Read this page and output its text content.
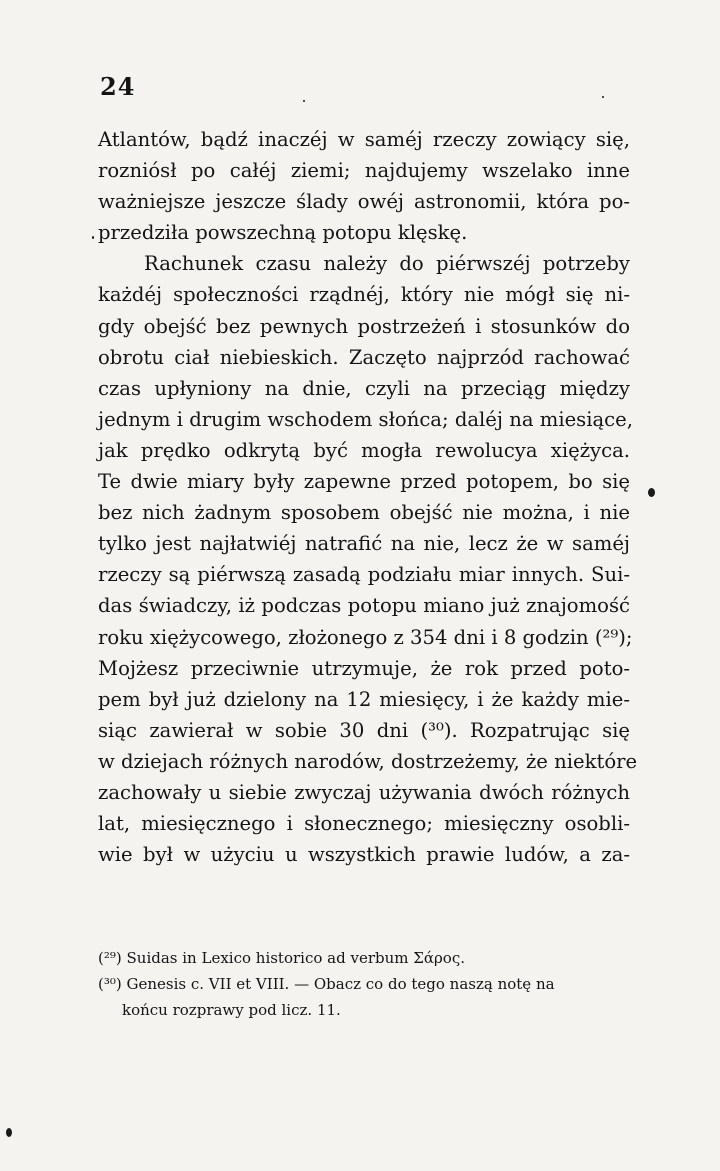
24
Atlantów, bądź inaczéj w saméj rzeczy zowiący się,
rozniósł po całéj ziemi; najdujemy wszelako inne
ważniejsze jeszcze ślady owéj astronomii, która po-
przedziła powszechną potopu klęskę.
Rachunek czasu należy do piérwszéj potrzeby
każdéj społeczności rządnéj, który nie mógł się ni-
gdy obejść bez pewnych postrzeżeń i stosunków do
obrotu ciał niebieskich. Zaczęto najprzód rachować
czas upłyniony na dnie, czyli na przeciąg między
jednym i drugim wschodem słońca; daléj na miesiące,
jak prędko odkrytą być mogła rewolucya xiężyca.
Te dwie miary były zapewne przed potopem, bo się
bez nich żadnym sposobem obejść nie można, i nie
tylko jest najłatwiéj natrafić na nie, lecz że w saméj
rzeczy są piérwszą zasadą podziału miar innych. Sui-
das świadczy, iż podczas potopu miano już znajomość
roku xiężycowego, złożonego z 354 dni i 8 godzin (²⁹);
Mojżesz przeciwnie utrzymuje, że rok przed poto-
pem był już dzielony na 12 miesięcy, i że każdy mie-
siąc zawierał w sobie 30 dni (³⁰). Rozpatrując się
w dziejach różnych narodów, dostrzeżemy, że niektóre
zachowały u siebie zwyczaj używania dwóch różnych
lat, miesięcznego i słonecznego; miesięczny osobli-
wie był w użyciu u wszystkich prawie ludów, a za-
(²⁹) Suidas in Lexico historico ad verbum Σάρος.
(³⁰) Genesis c. VII et VIII. — Obacz co do tego naszą notę na
końcu rozprawy pod licz. 11.
